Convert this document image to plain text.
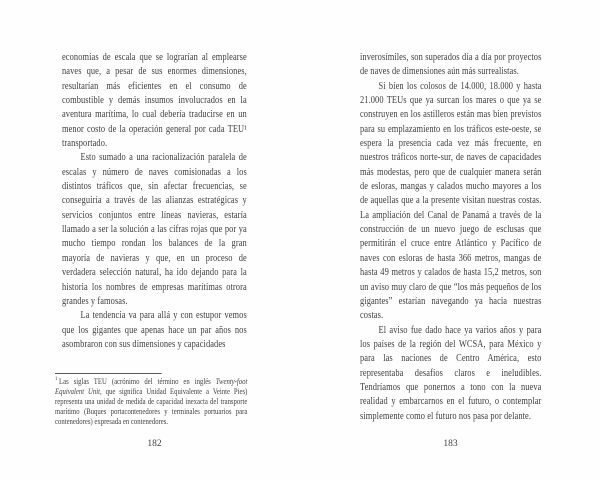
economías de escala que se lograrían al emplearse naves que, a pesar de sus enormes dimensiones, resultarían más eficientes en el consumo de combustible y demás insumos involucrados en la aventura marítima, lo cual debería traducirse en un menor costo de la operación general por cada TEU¹ transportado.

Esto sumado a una racionalización paralela de escalas y número de naves comisionadas a los distintos tráficos que, sin afectar frecuencias, se conseguiría a través de las alianzas estratégicas y servicios conjuntos entre líneas navieras, estaría llamado a ser la solución a las cifras rojas que por ya mucho tiempo rondan los balances de la gran mayoría de navieras y que, en un proceso de verdadera selección natural, ha ido dejando para la historia los nombres de empresas marítimas otrora grandes y famosas.

La tendencia va para allá y con estupor vemos que los gigantes que apenas hace un par años nos asombraron con sus dimensiones y capacidades

$^1$ Las siglas TEU (acrónimo del término en inglés Twenty-foot Equivalent Unit, que significa Unidad Equivalente a Veinte Pies) representa una unidad de medida de capacidad inexacta del transporte marítimo (Buques portacontenedores y terminales portuarios para contenedores) expresada en contenedores.
182

inverosímiles, son superados día a día por proyectos de naves de dimensiones aún más surrealistas.

Si bien los colosos de 14.000, 18.000 y hasta 21.000 TEUs que ya surcan los mares o que ya se construyen en los astilleros están mas bien previstos para su emplazamiento en los tráficos este-oeste, se espera la presencia cada vez más frecuente, en nuestros tráficos norte-sur, de naves de capacidades más modestas, pero que de cualquier manera serán de esloras, mangas y calados mucho mayores a los de aquellas que a la presente visitan nuestras costas. La ampliación del Canal de Panamá a través de la construcción de un nuevo juego de esclusas que permitirán el cruce entre Atlántico y Pacífico de naves con esloras de hasta 366 metros, mangas de hasta 49 metros y calados de hasta 15,2 metros, son un aviso muy claro de que “los más pequeños de los gigantes” estarían navegando ya hacia nuestras costas.

El aviso fue dado hace ya varios años y para los países de la región del WCSA, para México y para las naciones de Centro América, esto representaba desafíos claros e ineludibles. Tendríamos que ponernos a tono con la nueva realidad y embarcarnos en el futuro, o contemplar simplemente como el futuro nos pasa por delante.

183
